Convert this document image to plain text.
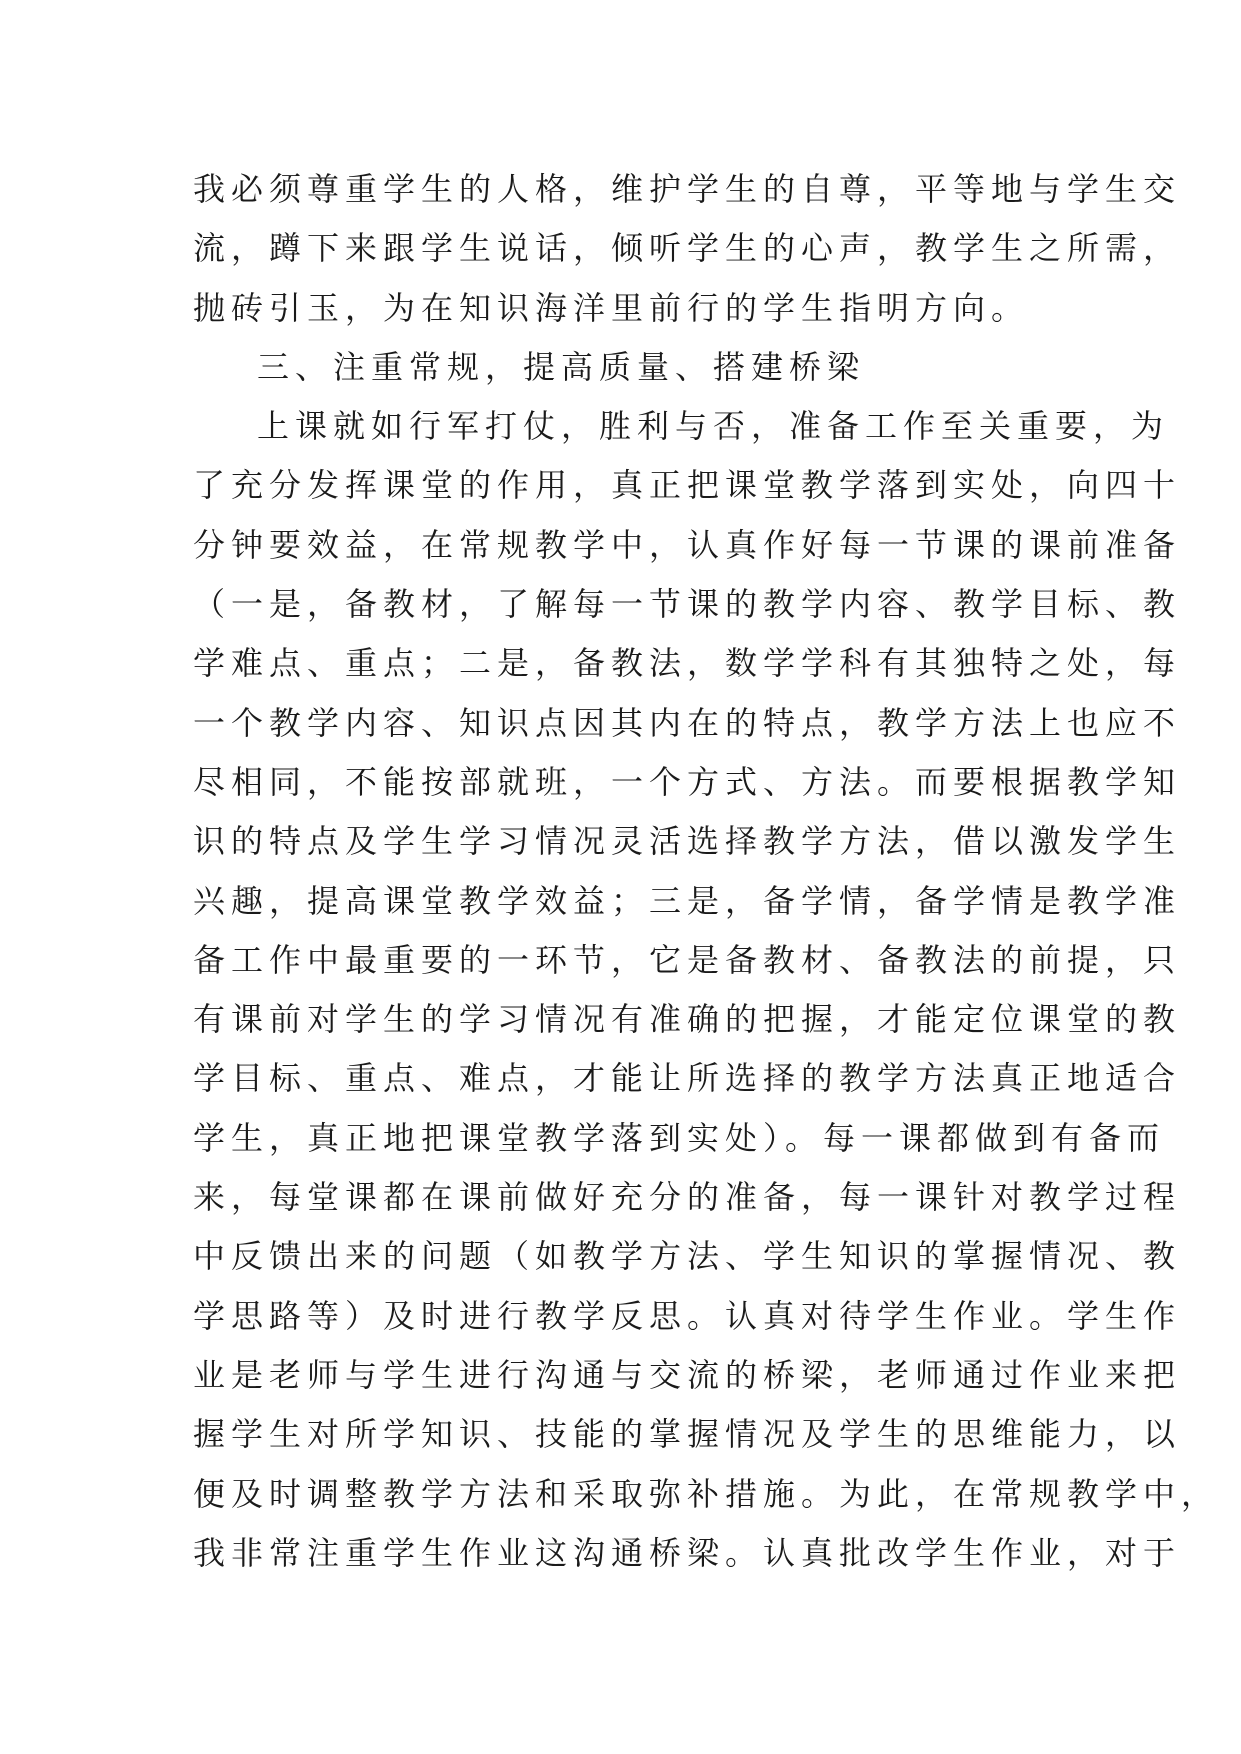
我必须尊重学生的人格，维护学生的自尊，平等地与学生交
流，蹲下来跟学生说话，倾听学生的心声，教学生之所需，
抛砖引玉，为在知识海洋里前行的学生指明方向。
三、注重常规，提高质量、搭建桥梁
上课就如行军打仗，胜利与否，准备工作至关重要，为
了充分发挥课堂的作用，真正把课堂教学落到实处，向四十
分钟要效益，在常规教学中，认真作好每一节课的课前准备
（一是，备教材，了解每一节课的教学内容、教学目标、教
学难点、重点；二是，备教法，数学学科有其独特之处，每
一个教学内容、知识点因其内在的特点，教学方法上也应不
尽相同，不能按部就班，一个方式、方法。而要根据教学知
识的特点及学生学习情况灵活选择教学方法，借以激发学生
兴趣，提高课堂教学效益；三是，备学情，备学情是教学准
备工作中最重要的一环节，它是备教材、备教法的前提，只
有课前对学生的学习情况有准确的把握，才能定位课堂的教
学目标、重点、难点，才能让所选择的教学方法真正地适合
学生，真正地把课堂教学落到实处）。每一课都做到有备而
来，每堂课都在课前做好充分的准备，每一课针对教学过程
中反馈出来的问题（如教学方法、学生知识的掌握情况、教
学思路等）及时进行教学反思。认真对待学生作业。学生作
业是老师与学生进行沟通与交流的桥梁，老师通过作业来把
握学生对所学知识、技能的掌握情况及学生的思维能力，以
便及时调整教学方法和采取弥补措施。为此，在常规教学中，
我非常注重学生作业这沟通桥梁。认真批改学生作业，对于
